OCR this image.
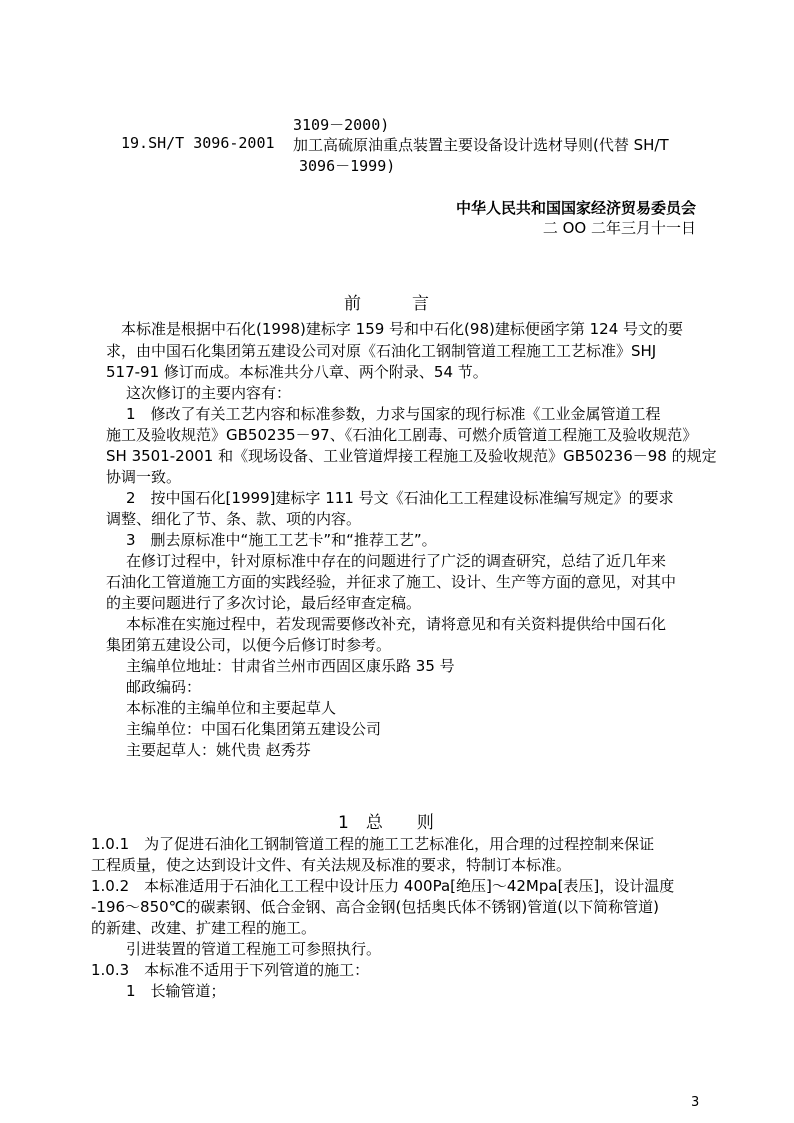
3109－2000)
19.SH/T 3096-2001 加工高硫原油重点装置主要设备设计选材导则(代替 SH/T
3096－1999)
中华人民共和国国家经济贸易委员会
二 OO 二年三月十一日
前　　　言
本标准是根据中石化(1998)建标字 159 号和中石化(98)建标便函字第 124 号文的要
求，由中国石化集团第五建设公司对原《石油化工钢制管道工程施工工艺标准》SHJ
517-91 修订而成。本标准共分八章、两个附录、54 节。
这次修订的主要内容有：
1　修改了有关工艺内容和标准参数，力求与国家的现行标准《工业金属管道工程
施工及验收规范》GB50235－97、《石油化工剧毒、可燃介质管道工程施工及验收规范》
SH 3501-2001 和《现场设备、工业管道焊接工程施工及验收规范》GB50236－98 的规定
协调一致。
2　按中国石化[1999]建标字 111 号文《石油化工工程建设标准编写规定》的要求
调整、细化了节、条、款、项的内容。
3　删去原标准中“施工工艺卡”和“推荐工艺”。
在修订过程中，针对原标准中存在的问题进行了广泛的调查研究，总结了近几年来
石油化工管道施工方面的实践经验，并征求了施工、设计、生产等方面的意见，对其中
的主要问题进行了多次讨论，最后经审查定稿。
本标准在实施过程中，若发现需要修改补充，请将意见和有关资料提供给中国石化
集团第五建设公司，以便今后修订时参考。
主编单位地址：甘肃省兰州市西固区康乐路 35 号
邮政编码：
本标准的主编单位和主要起草人
主编单位：中国石化集团第五建设公司
主要起草人：姚代贵 赵秀芬
1　总　　则
1.0.1　为了促进石油化工钢制管道工程的施工工艺标准化，用合理的过程控制来保证
工程质量，使之达到设计文件、有关法规及标准的要求，特制订本标准。
1.0.2　本标准适用于石油化工工程中设计压力 400Pa[绝压]～42Mpa[表压]，设计温度
-196～850℃的碳素钢、低合金钢、高合金钢(包括奥氏体不锈钢)管道(以下简称管道)
的新建、改建、扩建工程的施工。
引进装置的管道工程施工可参照执行。
1.0.3　本标准不适用于下列管道的施工：
1　长输管道；
3
